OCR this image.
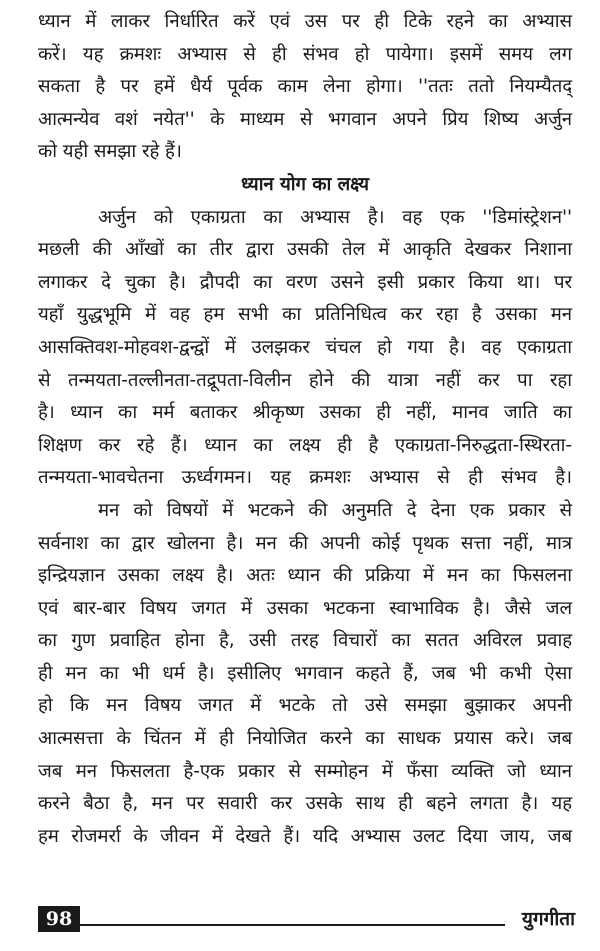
ध्यान में लाकर निर्धारित करें एवं उस पर ही टिके रहने का अभ्यास
करें। यह क्रमशः अभ्यास से ही संभव हो पायेगा। इसमें समय लग
सकता है पर हमें धैर्य पूर्वक काम लेना होगा। ''ततः ततो नियम्यैतद्
आत्मन्येव वशं नयेत'' के माध्यम से भगवान अपने प्रिय शिष्य अर्जुन
को यही समझा रहे हैं।
ध्यान योग का लक्ष्य
अर्जुन को एकाग्रता का अभ्यास है। वह एक ''डिमांस्ट्रेशन''
मछली की आँखों का तीर द्वारा उसकी तेल में आकृति देखकर निशाना
लगाकर दे चुका है। द्रौपदी का वरण उसने इसी प्रकार किया था। पर
यहाँ युद्धभूमि में वह हम सभी का प्रतिनिधित्व कर रहा है उसका मन
आसक्तिवश-मोहवश-द्वन्द्वों में उलझकर चंचल हो गया है। वह एकाग्रता
से तन्मयता-तल्लीनता-तद्रूपता-विलीन होने की यात्रा नहीं कर पा रहा
है। ध्यान का मर्म बताकर श्रीकृष्ण उसका ही नहीं, मानव जाति का
शिक्षण कर रहे हैं। ध्यान का लक्ष्य ही है एकाग्रता-निरुद्धता-स्थिरता-
तन्मयता-भावचेतना ऊर्ध्वगमन। यह क्रमशः अभ्यास से ही संभव है।
मन को विषयों में भटकने की अनुमति दे देना एक प्रकार से
सर्वनाश का द्वार खोलना है। मन की अपनी कोई पृथक सत्ता नहीं, मात्र
इन्द्रियज्ञान उसका लक्ष्य है। अतः ध्यान की प्रक्रिया में मन का फिसलना
एवं बार-बार विषय जगत में उसका भटकना स्वाभाविक है। जैसे जल
का गुण प्रवाहित होना है, उसी तरह विचारों का सतत अविरल प्रवाह
ही मन का भी धर्म है। इसीलिए भगवान कहते हैं, जब भी कभी ऐसा
हो कि मन विषय जगत में भटके तो उसे समझा बुझाकर अपनी
आत्मसत्ता के चिंतन में ही नियोजित करने का साधक प्रयास करे। जब
जब मन फिसलता है-एक प्रकार से सम्मोहन में फँसा व्यक्ति जो ध्यान
करने बैठा है, मन पर सवारी कर उसके साथ ही बहने लगता है। यह
हम रोजमर्रा के जीवन में देखते हैं। यदि अभ्यास उलट दिया जाय, जब
98	युगगीता
